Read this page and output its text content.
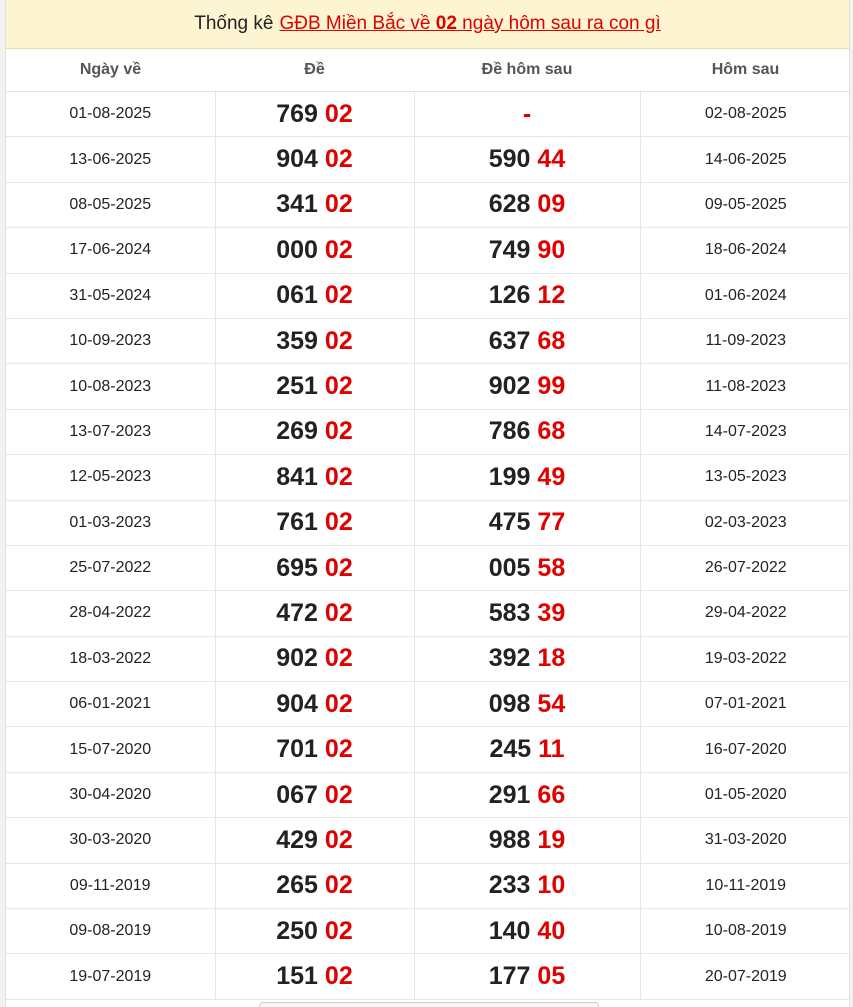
Thống kê GĐB Miền Bắc về 02 ngày hôm sau ra con gì
Ngày về	Đề	Đề hôm sau	Hôm sau
01-08-2025	769 02	-	02-08-2025
13-06-2025	904 02	590 44	14-06-2025
08-05-2025	341 02	628 09	09-05-2025
17-06-2024	000 02	749 90	18-06-2024
31-05-2024	061 02	126 12	01-06-2024
10-09-2023	359 02	637 68	11-09-2023
10-08-2023	251 02	902 99	11-08-2023
13-07-2023	269 02	786 68	14-07-2023
12-05-2023	841 02	199 49	13-05-2023
01-03-2023	761 02	475 77	02-03-2023
25-07-2022	695 02	005 58	26-07-2022
28-04-2022	472 02	583 39	29-04-2022
18-03-2022	902 02	392 18	19-03-2022
06-01-2021	904 02	098 54	07-01-2021
15-07-2020	701 02	245 11	16-07-2020
30-04-2020	067 02	291 66	01-05-2020
30-03-2020	429 02	988 19	31-03-2020
09-11-2019	265 02	233 10	10-11-2019
09-08-2019	250 02	140 40	10-08-2019
19-07-2019	151 02	177 05	20-07-2019
